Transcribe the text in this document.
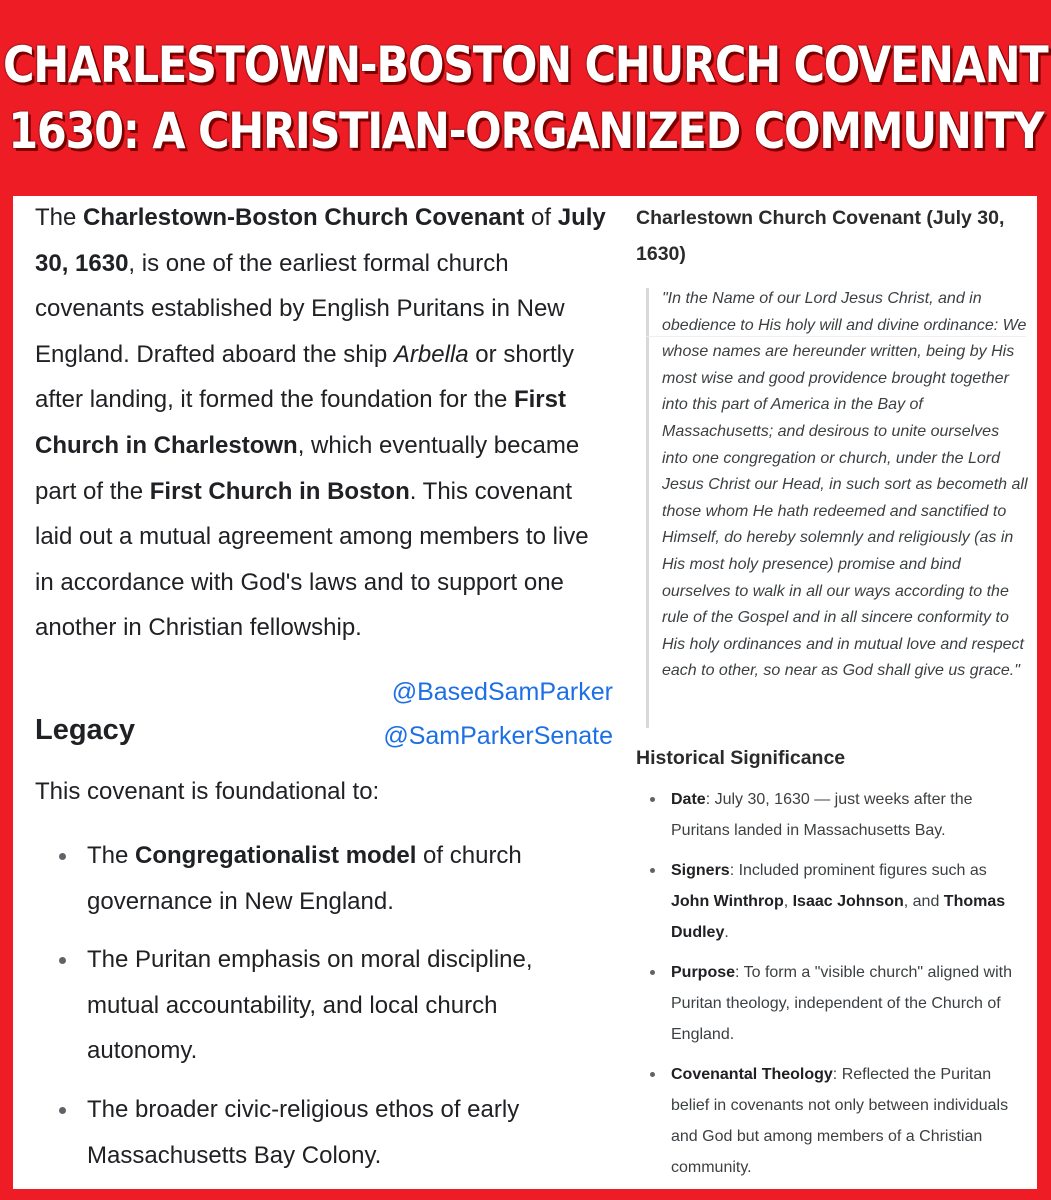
CHARLESTOWN-BOSTON CHURCH COVENANT
1630: A CHRISTIAN-ORGANIZED COMMUNITY

The Charlestown-Boston Church Covenant of July 30, 1630, is one of the earliest formal church covenants established by English Puritans in New England. Drafted aboard the ship Arbella or shortly after landing, it formed the foundation for the First Church in Charlestown, which eventually became part of the First Church in Boston. This covenant laid out a mutual agreement among members to live in accordance with God's laws and to support one another in Christian fellowship.

Legacy

This covenant is foundational to:

The Congregationalist model of church governance in New England.
The Puritan emphasis on moral discipline, mutual accountability, and local church autonomy.
The broader civic-religious ethos of early Massachusetts Bay Colony.
@BasedSamParker
@SamParkerSenate
Charlestown Church Covenant (July 30, 1630)
"In the Name of our Lord Jesus Christ, and in obedience to His holy will and divine ordinance: We whose names are hereunder written, being by His most wise and good providence brought together into this part of America in the Bay of Massachusetts; and desirous to unite ourselves into one congregation or church, under the Lord Jesus Christ our Head, in such sort as becometh all those whom He hath redeemed and sanctified to Himself, do hereby solemnly and religiously (as in His most holy presence) promise and bind ourselves to walk in all our ways according to the rule of the Gospel and in all sincere conformity to His holy ordinances and in mutual love and respect each to other, so near as God shall give us grace."
Historical Significance
Date: July 30, 1630 — just weeks after the Puritans landed in Massachusetts Bay.
Signers: Included prominent figures such as John Winthrop, Isaac Johnson, and Thomas Dudley.
Purpose: To form a "visible church" aligned with Puritan theology, independent of the Church of England.
Covenantal Theology: Reflected the Puritan belief in covenants not only between individuals and God but among members of a Christian community.
